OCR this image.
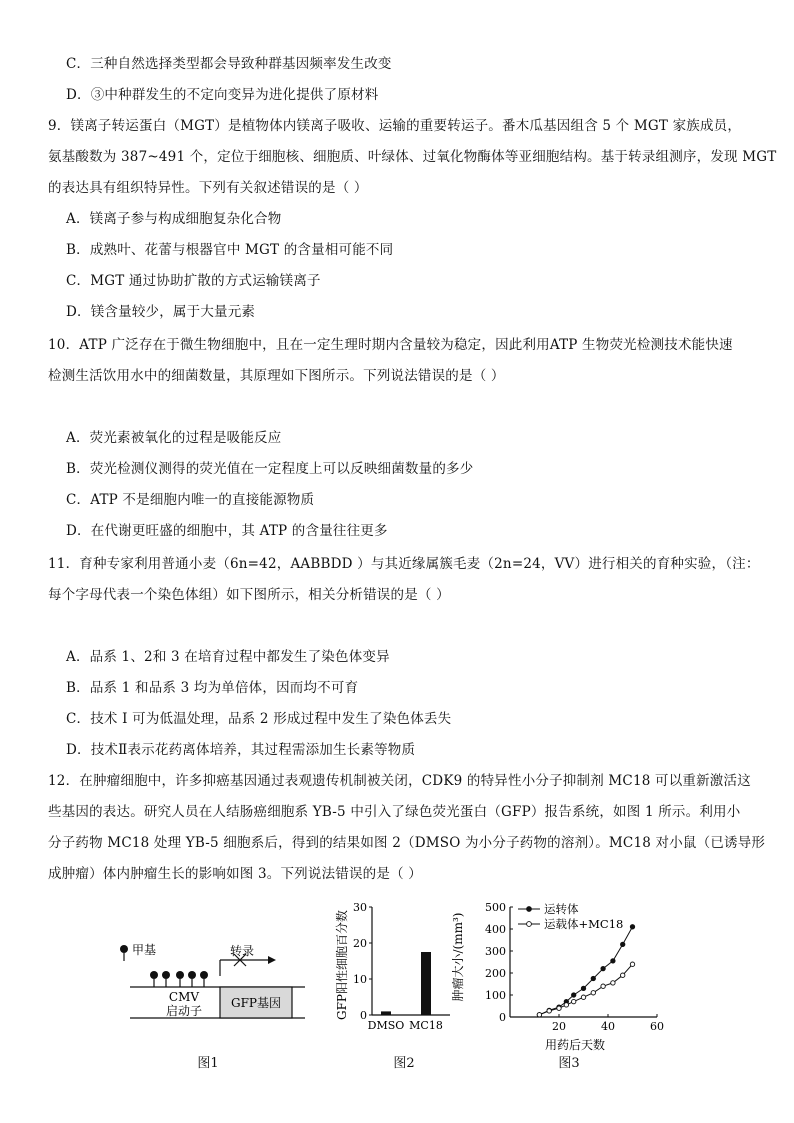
C．三种自然选择类型都会导致种群基因频率发生改变
D．③中种群发生的不定向变异为进化提供了原材料
9．镁离子转运蛋白（MGT）是植物体内镁离子吸收、运输的重要转运子。番木瓜基因组含 5 个 MGT 家族成员，
氨基酸数为 387~491 个，定位于细胞核、细胞质、叶绿体、过氧化物酶体等亚细胞结构。基于转录组测序，发现 MGT
的表达具有组织特异性。下列有关叙述错误的是（ ）
A．镁离子参与构成细胞复杂化合物
B．成熟叶、花蕾与根器官中 MGT 的含量相可能不同
C．MGT 通过协助扩散的方式运输镁离子
D．镁含量较少，属于大量元素
10．ATP 广泛存在于微生物细胞中，且在一定生理时期内含量较为稳定，因此利用ATP 生物荧光检测技术能快速
检测生活饮用水中的细菌数量，其原理如下图所示。下列说法错误的是（ ）
A．荧光素被氧化的过程是吸能反应
B．荧光检测仪测得的荧光值在一定程度上可以反映细菌数量的多少
C．ATP 不是细胞内唯一的直接能源物质
D．在代谢更旺盛的细胞中，其 ATP 的含量往往更多
11．育种专家利用普通小麦（6n=42，AABBDD ）与其近缘属簇毛麦（2n=24，VV）进行相关的育种实验，（注：
每个字母代表一个染色体组）如下图所示，相关分析错误的是（ ）
A．品系 1、2和 3 在培育过程中都发生了染色体变异
B．品系 1 和品系 3 均为单倍体，因而均不可育
C．技术 I 可为低温处理，品系 2 形成过程中发生了染色体丢失
D．技术Ⅱ表示花药离体培养，其过程需添加生长素等物质
12．在肿瘤细胞中，许多抑癌基因通过表观遗传机制被关闭，CDK9 的特异性小分子抑制剂 MC18 可以重新激活这
些基因的表达。研究人员在人结肠癌细胞系 YB-5 中引入了绿色荧光蛋白（GFP）报告系统，如图 1 所示。利用小
分子药物 MC18 处理 YB-5 细胞系后，得到的结果如图 2（DMSO 为小分子药物的溶剂）。MC18 对小鼠（已诱导形
成肿瘤）体内肿瘤生长的影响如图 3。下列说法错误的是（ ）
甲基	转录
CMV
启动子
GFP基因
图1
GFP阳性细胞百分数 0
10
20
30
DMSO MC18
图2
肿瘤大小/(mm³)
用药后天数
0
100
200
300
400
500
20	40	60
运转体
运载体+MC18
图3
